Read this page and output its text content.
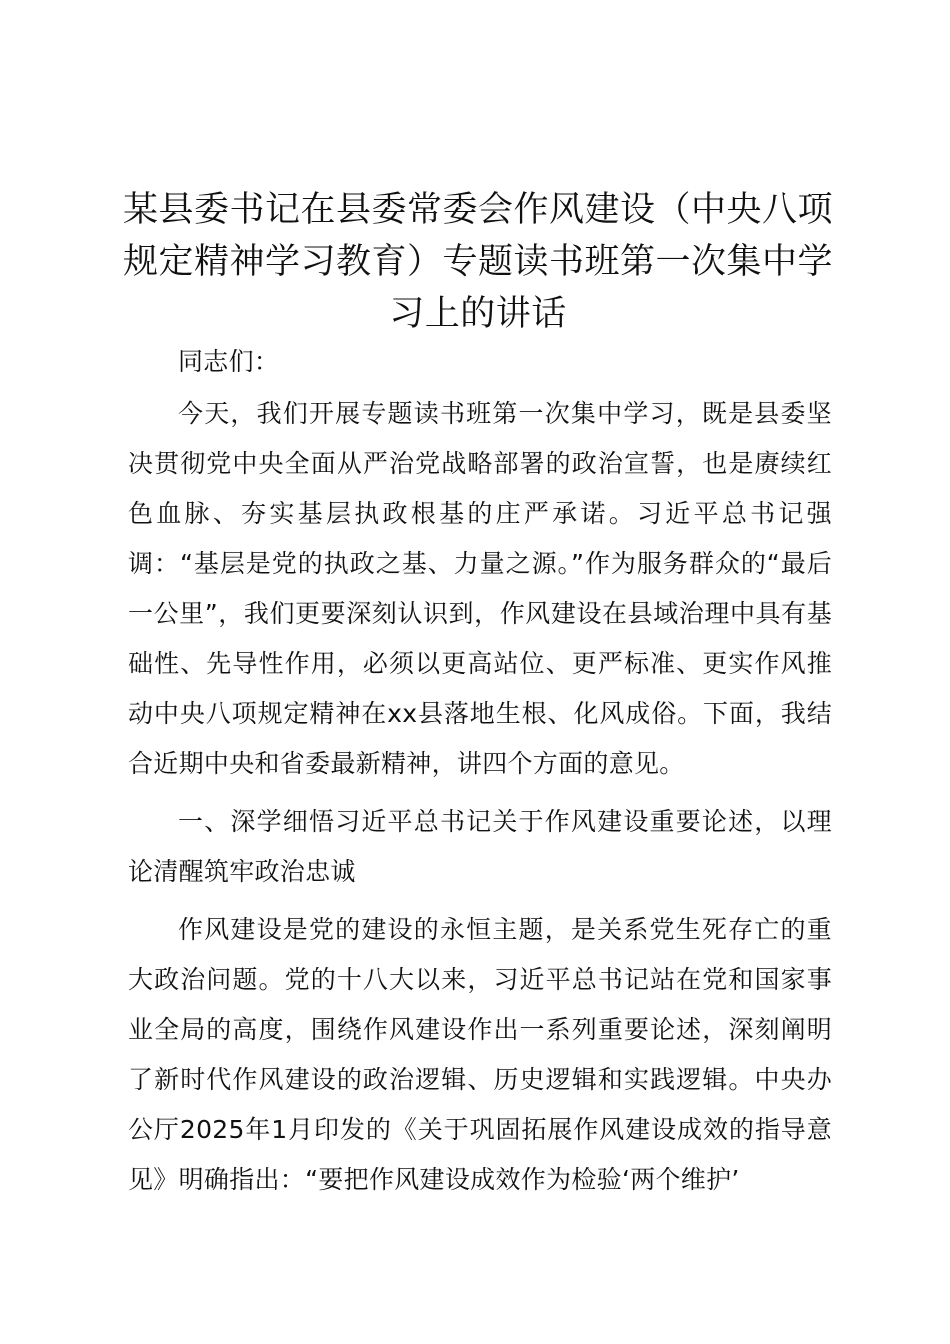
某县委书记在县委常委会作风建设（中央八项规定精神学习教育）专题读书班第一次集中学习上的讲话

同志们：

今天，我们开展专题读书班第一次集中学习，既是县委坚决贯彻党中央全面从严治党战略部署的政治宣誓，也是赓续红色血脉、夯实基层执政根基的庄严承诺。习近平总书记强调：“基层是党的执政之基、力量之源。”作为服务群众的“最后一公里”，我们更要深刻认识到，作风建设在县域治理中具有基础性、先导性作用，必须以更高站位、更严标准、更实作风推动中央八项规定精神在xx县落地生根、化风成俗。下面，我结合近期中央和省委最新精神，讲四个方面的意见。

一、深学细悟习近平总书记关于作风建设重要论述，以理论清醒筑牢政治忠诚

作风建设是党的建设的永恒主题，是关系党生死存亡的重大政治问题。党的十八大以来，习近平总书记站在党和国家事业全局的高度，围绕作风建设作出一系列重要论述，深刻阐明了新时代作风建设的政治逻辑、历史逻辑和实践逻辑。中央办公厅2025年1月印发的《关于巩固拓展作风建设成效的指导意见》明确指出：“要把作风建设成效作为检验‘两个维护’
